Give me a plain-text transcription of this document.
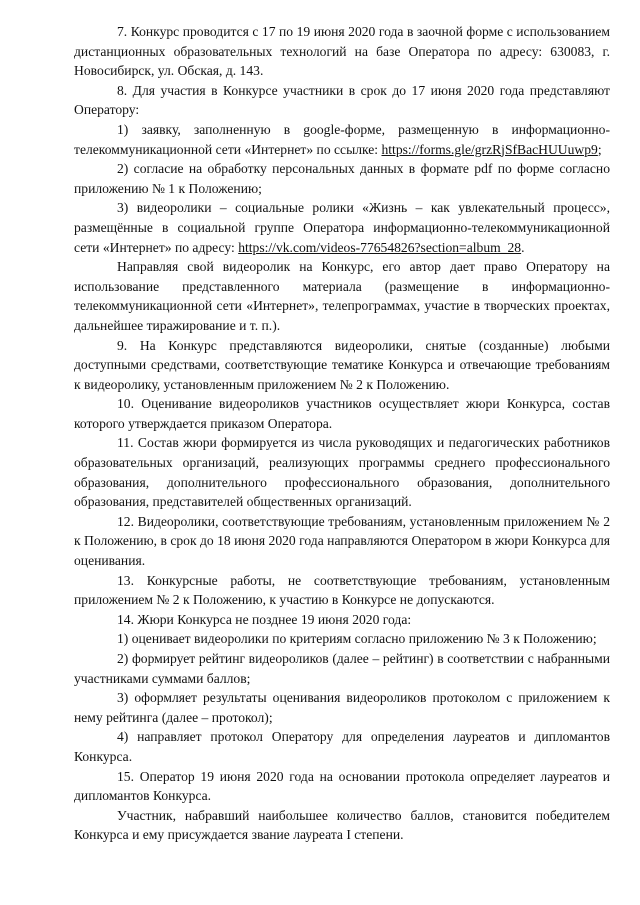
7. Конкурс проводится с 17 по 19 июня 2020 года в заочной форме с использованием дистанционных образовательных технологий на базе Оператора по адресу: 630083, г. Новосибирск, ул. Обская, д. 143.

8. Для участия в Конкурсе участники в срок до 17 июня 2020 года представляют Оператору:

1) заявку, заполненную в google-форме, размещенную в информационно-телекоммуникационной сети «Интернет» по ссылке: https://forms.gle/grzRjSfBacHUUuwp9;

2) согласие на обработку персональных данных в формате pdf по форме согласно приложению № 1 к Положению;

3) видеоролики – социальные ролики «Жизнь – как увлекательный процесс», размещённые в социальной группе Оператора информационно-телекоммуникационной сети «Интернет» по адресу: https://vk.com/videos-77654826?section=album_28.

Направляя свой видеоролик на Конкурс, его автор дает право Оператору на использование представленного материала (размещение в информационно-телекоммуникационной сети «Интернет», телепрограммах, участие в творческих проектах, дальнейшее тиражирование и т. п.).

9. На Конкурс представляются видеоролики, снятые (созданные) любыми доступными средствами, соответствующие тематике Конкурса и отвечающие требованиям к видеоролику, установленным приложением № 2 к Положению.

10. Оценивание видеороликов участников осуществляет жюри Конкурса, состав которого утверждается приказом Оператора.

11. Состав жюри формируется из числа руководящих и педагогических работников образовательных организаций, реализующих программы среднего профессионального образования, дополнительного профессионального образования, дополнительного образования, представителей общественных организаций.

12. Видеоролики, соответствующие требованиям, установленным приложением № 2 к Положению, в срок до 18 июня 2020 года направляются Оператором в жюри Конкурса для оценивания.

13. Конкурсные работы, не соответствующие требованиям, установленным приложением № 2 к Положению, к участию в Конкурсе не допускаются.

14. Жюри Конкурса не позднее 19 июня 2020 года:

1) оценивает видеоролики по критериям согласно приложению № 3 к Положению;

2) формирует рейтинг видеороликов (далее – рейтинг) в соответствии с набранными участниками суммами баллов;

3) оформляет результаты оценивания видеороликов протоколом с приложением к нему рейтинга (далее – протокол);

4) направляет протокол Оператору для определения лауреатов и дипломантов Конкурса.

15. Оператор 19 июня 2020 года на основании протокола определяет лауреатов и дипломантов Конкурса.

Участник, набравший наибольшее количество баллов, становится победителем Конкурса и ему присуждается звание лауреата I степени.
